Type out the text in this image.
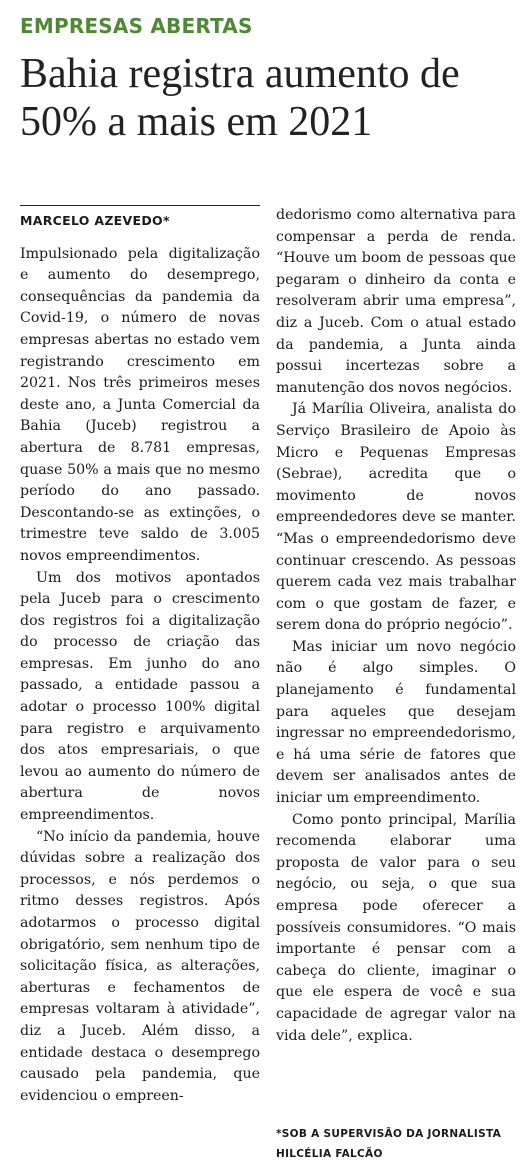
EMPRESAS ABERTAS
Bahia registra aumento de 50% a mais em 2021
MARCELO AZEVEDO*

Impulsionado pela digitalização e aumento do desemprego, consequências da pandemia da Covid-19, o número de novas empresas abertas no estado vem registrando crescimento em 2021. Nos três primeiros meses deste ano, a Junta Comercial da Bahia (Juceb) registrou a abertura de 8.781 empresas, quase 50% a mais que no mesmo período do ano passado. Descontando-se as extinções, o trimestre teve saldo de 3.005 novos empreendimentos.

Um dos motivos apontados pela Juceb para o crescimento dos registros foi a digitalização do processo de criação das empresas. Em junho do ano passado, a entidade passou a adotar o processo 100% digital para registro e arquivamento dos atos empresariais, o que levou ao aumento do número de abertura de novos empreendimentos.

“No início da pandemia, houve dúvidas sobre a realização dos processos, e nós perdemos o ritmo desses registros. Após adotarmos o processo digital obrigatório, sem nenhum tipo de solicitação física, as alterações, aberturas e fechamentos de empresas voltaram à atividade”, diz a Juceb. Além disso, a entidade destaca o desemprego causado pela pandemia, que evidenciou o empreen-

dedorismo como alternativa para compensar a perda de renda. “Houve um boom de pessoas que pegaram o dinheiro da conta e resolveram abrir uma empresa”, diz a Juceb. Com o atual estado da pandemia, a Junta ainda possui incertezas sobre a manutenção dos novos negócios.

Já Marília Oliveira, analista do Serviço Brasileiro de Apoio às Micro e Pequenas Empresas (Sebrae), acredita que o movimento de novos empreendedores deve se manter. “Mas o empreendedorismo deve continuar crescendo. As pessoas querem cada vez mais trabalhar com o que gostam de fazer, e serem dona do próprio negócio”.

Mas iniciar um novo negócio não é algo simples. O planejamento é fundamental para aqueles que desejam ingressar no empreendedorismo, e há uma série de fatores que devem ser analisados antes de iniciar um empreendimento.

Como ponto principal, Marília recomenda elaborar uma proposta de valor para o seu negócio, ou seja, o que sua empresa pode oferecer a possíveis consumidores. “O mais importante é pensar com a cabeça do cliente, imaginar o que ele espera de você e sua capacidade de agregar valor na vida dele”, explica.

*SOB A SUPERVISÃO DA JORNALISTA HILCÉLIA FALCÃO
